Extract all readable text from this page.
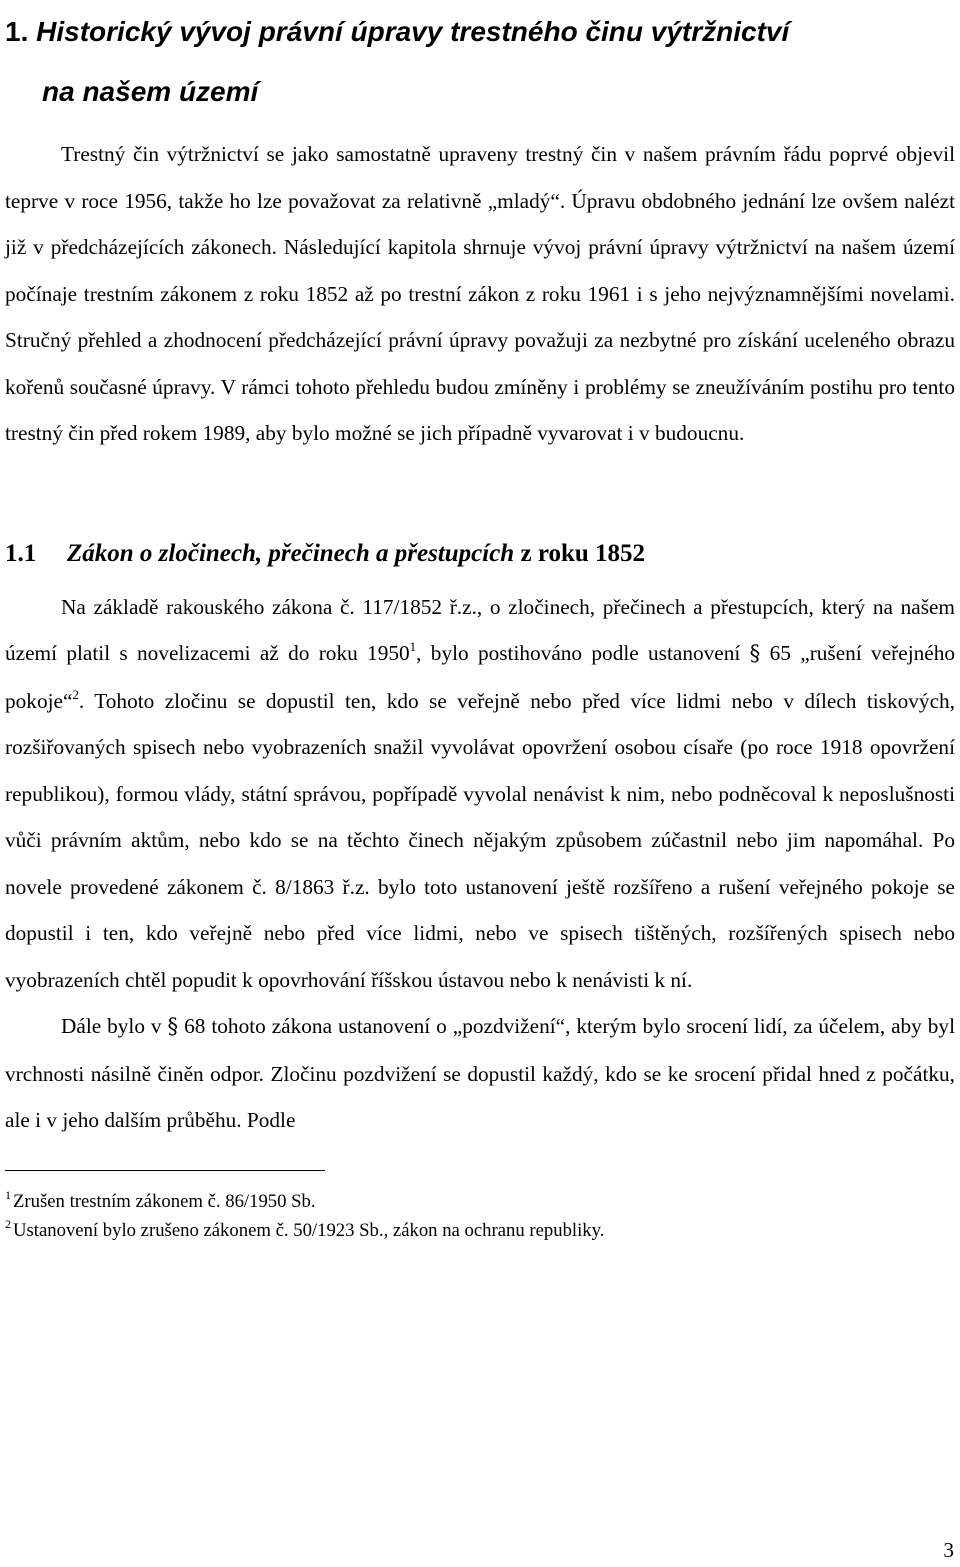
1. Historický vývoj právní úpravy trestného činu výtržnictví
na našem území

Trestný čin výtržnictví se jako samostatně upraveny trestný čin v našem právním řádu poprvé objevil teprve v roce 1956, takže ho lze považovat za relativně „mladý“. Úpravu obdobného jednání lze ovšem nalézt již v předcházejících zákonech. Následující kapitola shrnuje vývoj právní úpravy výtržnictví na našem území počínaje trestním zákonem z roku 1852 až po trestní zákon z roku 1961 i s jeho nejvýznamnějšími novelami. Stručný přehled a zhodnocení předcházející právní úpravy považuji za nezbytné pro získání uceleného obrazu kořenů současné úpravy. V rámci tohoto přehledu budou zmíněny i problémy se zneužíváním postihu pro tento trestný čin před rokem 1989, aby bylo možné se jich případně vyvarovat i v budoucnu.

1.1 Zákon o zločinech, přečinech a přestupcích z roku 1852

Na základě rakouského zákona č. 117/1852 ř.z., o zločinech, přečinech a přestupcích, který na našem území platil s novelizacemi až do roku 1950$^1$, bylo postihováno podle ustanovení § 65 „rušení veřejného pokoje“$^2$. Tohoto zločinu se dopustil ten, kdo se veřejně nebo před více lidmi nebo v dílech tiskových, rozšiřovaných spisech nebo vyobrazeních snažil vyvolávat opovržení osobou císaře (po roce 1918 opovržení republikou), formou vlády, státní správou, popřípadě vyvolal nenávist k nim, nebo podněcoval k neposlušnosti vůči právním aktům, nebo kdo se na těchto činech nějakým způsobem zúčastnil nebo jim napomáhal. Po novele provedené zákonem č. 8/1863 ř.z. bylo toto ustanovení ještě rozšířeno a rušení veřejného pokoje se dopustil i ten, kdo veřejně nebo před více lidmi, nebo ve spisech tištěných, rozšířených spisech nebo vyobrazeních chtěl popudit k opovrhování říšskou ústavou nebo k nenávisti k ní.

Dále bylo v § 68 tohoto zákona ustanovení o „pozdvižení“, kterým bylo srocení lidí, za účelem, aby byl vrchnosti násilně činěn odpor. Zločinu pozdvižení se dopustil každý, kdo se ke srocení přidal hned z počátku, ale i v jeho dalším průběhu. Podle

$^1$ Zrušen trestním zákonem č. 86/1950 Sb.

$^2$ Ustanovení bylo zrušeno zákonem č. 50/1923 Sb., zákon na ochranu republiky.

3
